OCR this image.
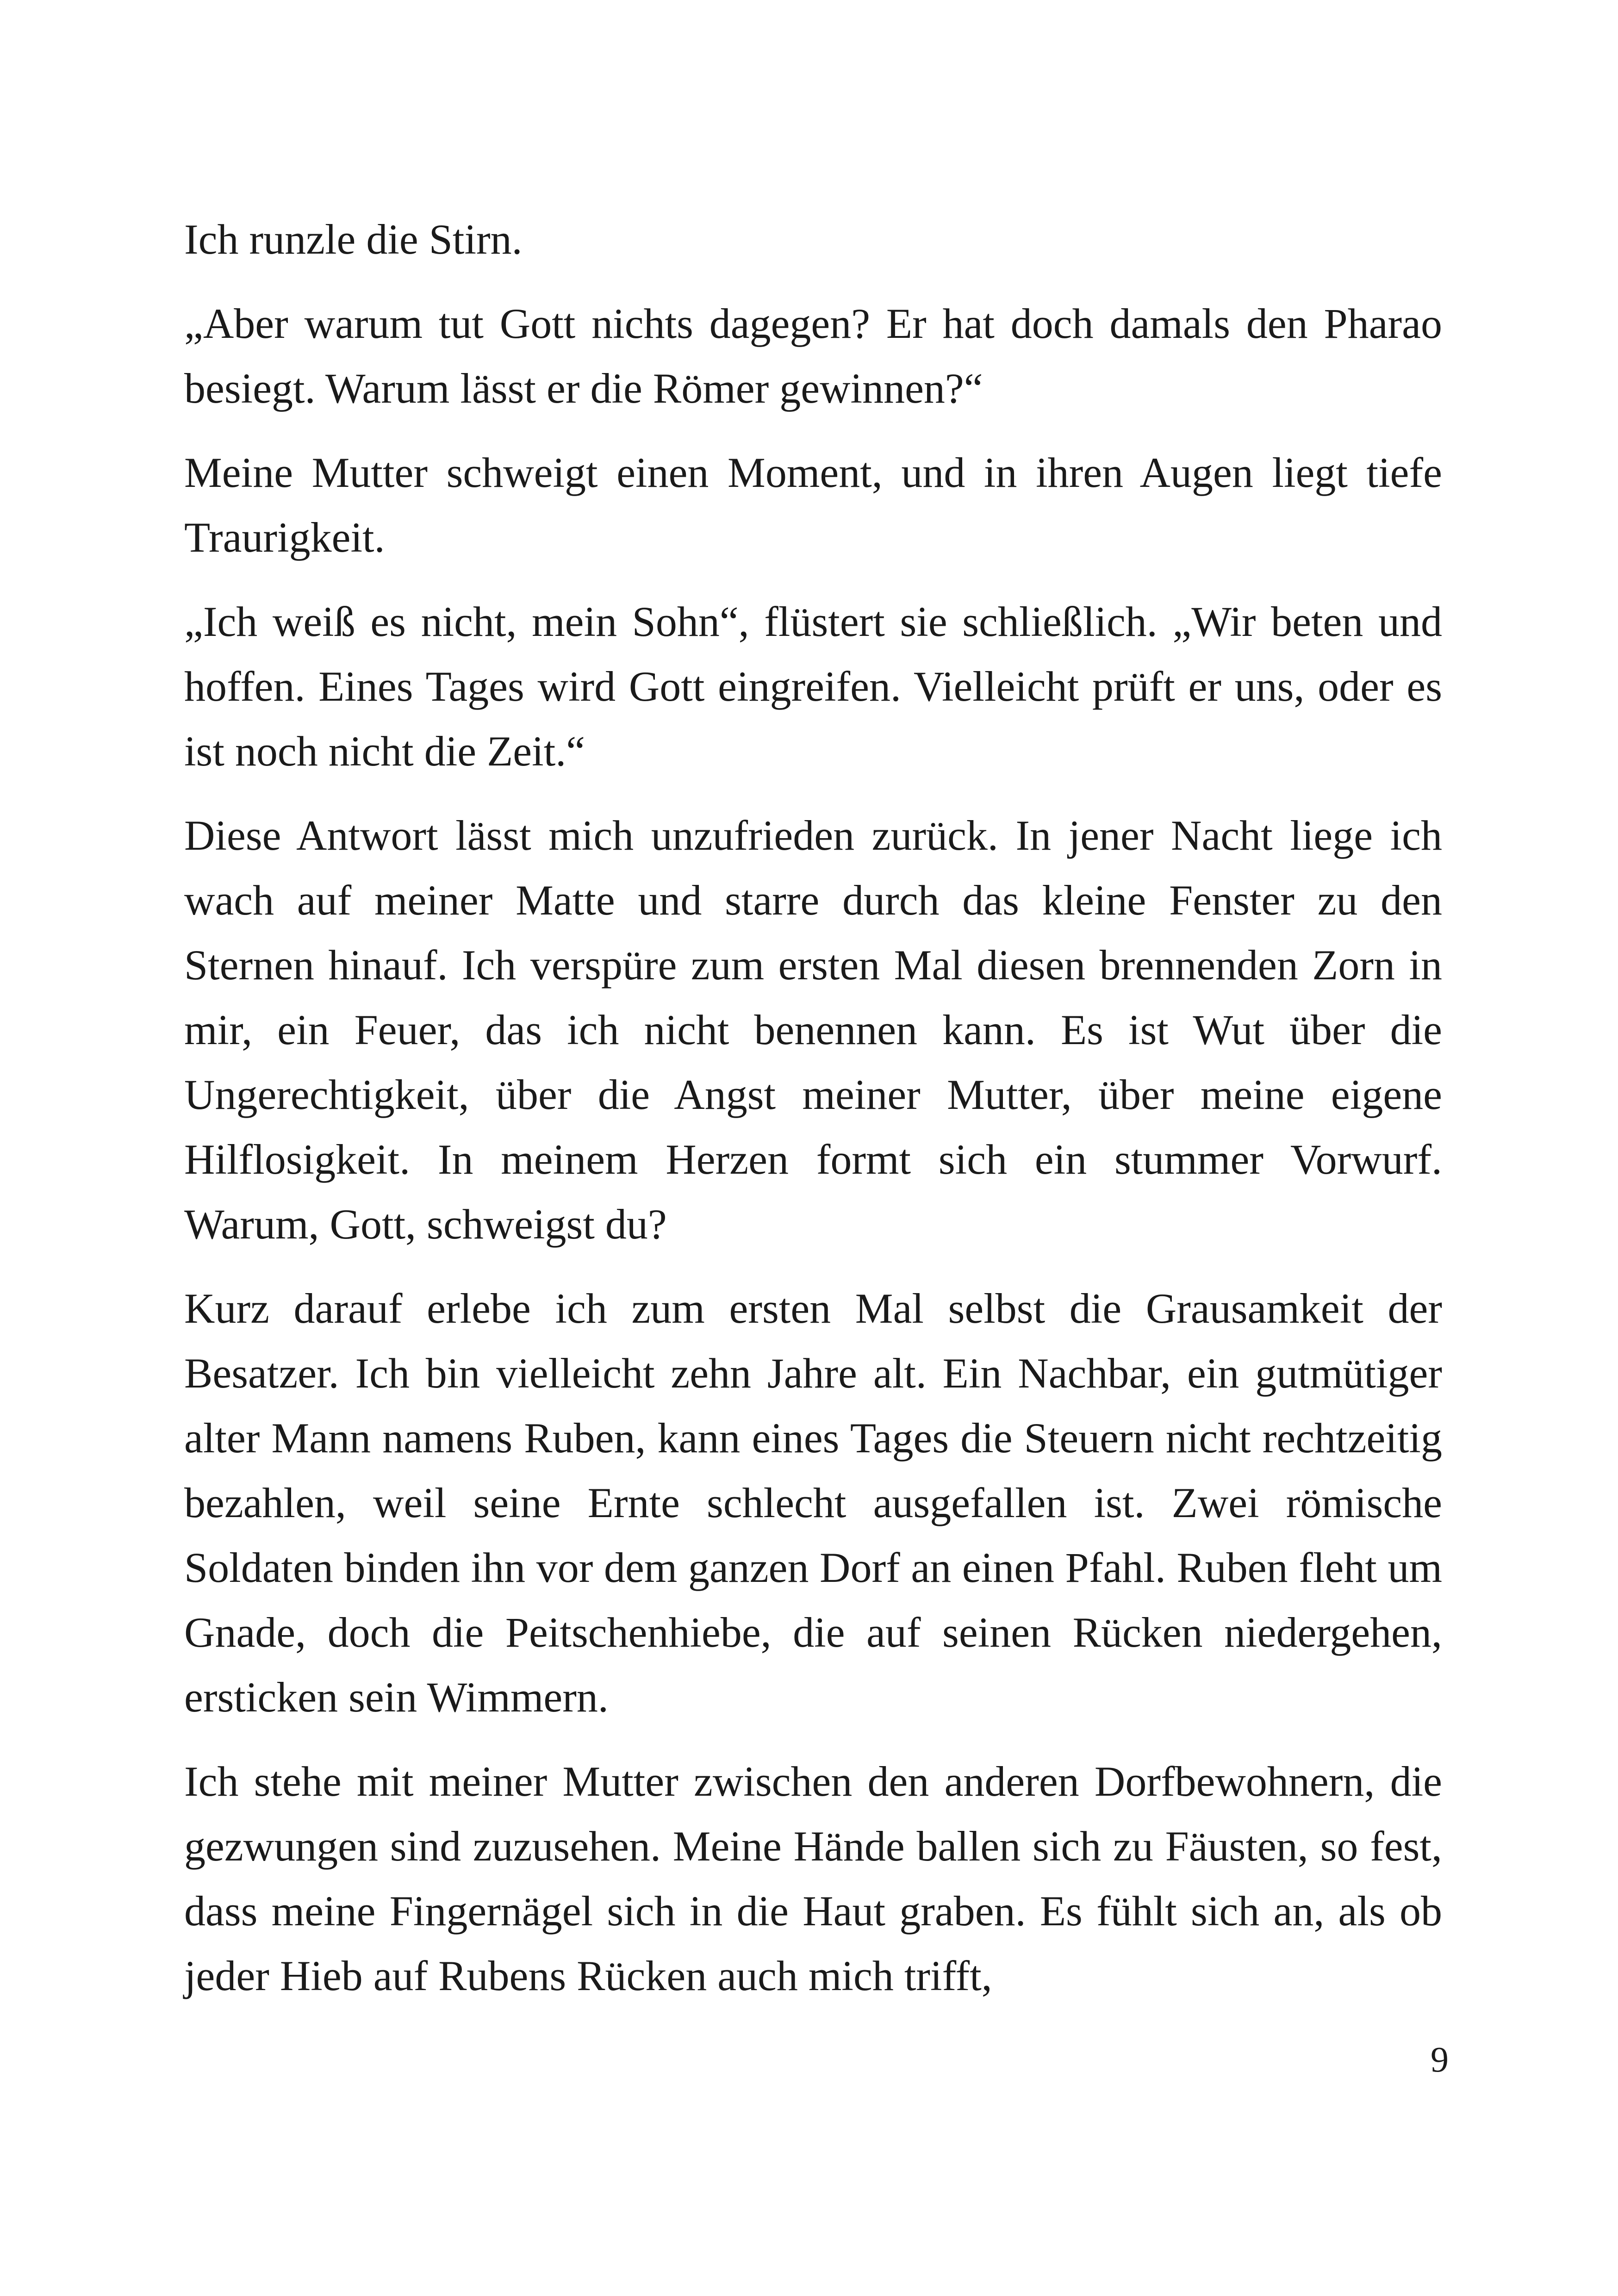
Ich runzle die Stirn.

„Aber warum tut Gott nichts dagegen? Er hat doch damals den Pharao besiegt. Warum lässt er die Römer gewinnen?“

Meine Mutter schweigt einen Moment, und in ihren Augen liegt tiefe Traurigkeit.

„Ich weiß es nicht, mein Sohn“, flüstert sie schließlich. „Wir beten und hoffen. Eines Tages wird Gott eingreifen. Vielleicht prüft er uns, oder es ist noch nicht die Zeit.“

Diese Antwort lässt mich unzufrieden zurück. In jener Nacht liege ich wach auf meiner Matte und starre durch das kleine Fenster zu den Sternen hinauf. Ich verspüre zum ersten Mal diesen brennenden Zorn in mir, ein Feuer, das ich nicht benennen kann. Es ist Wut über die Ungerechtigkeit, über die Angst meiner Mutter, über meine eigene Hilflosigkeit. In meinem Herzen formt sich ein stummer Vorwurf. Warum, Gott, schweigst du?

Kurz darauf erlebe ich zum ersten Mal selbst die Grausamkeit der Besatzer. Ich bin vielleicht zehn Jahre alt. Ein Nachbar, ein gutmütiger alter Mann namens Ruben, kann eines Tages die Steuern nicht rechtzeitig bezahlen, weil seine Ernte schlecht ausgefallen ist. Zwei römische Soldaten binden ihn vor dem ganzen Dorf an einen Pfahl. Ruben fleht um Gnade, doch die Peitschenhiebe, die auf seinen Rücken niedergehen, ersticken sein Wimmern.

Ich stehe mit meiner Mutter zwischen den anderen Dorfbewohnern, die gezwungen sind zuzusehen. Meine Hände ballen sich zu Fäusten, so fest, dass meine Fingernägel sich in die Haut graben. Es fühlt sich an, als ob jeder Hieb auf Rubens Rücken auch mich trifft,

9
